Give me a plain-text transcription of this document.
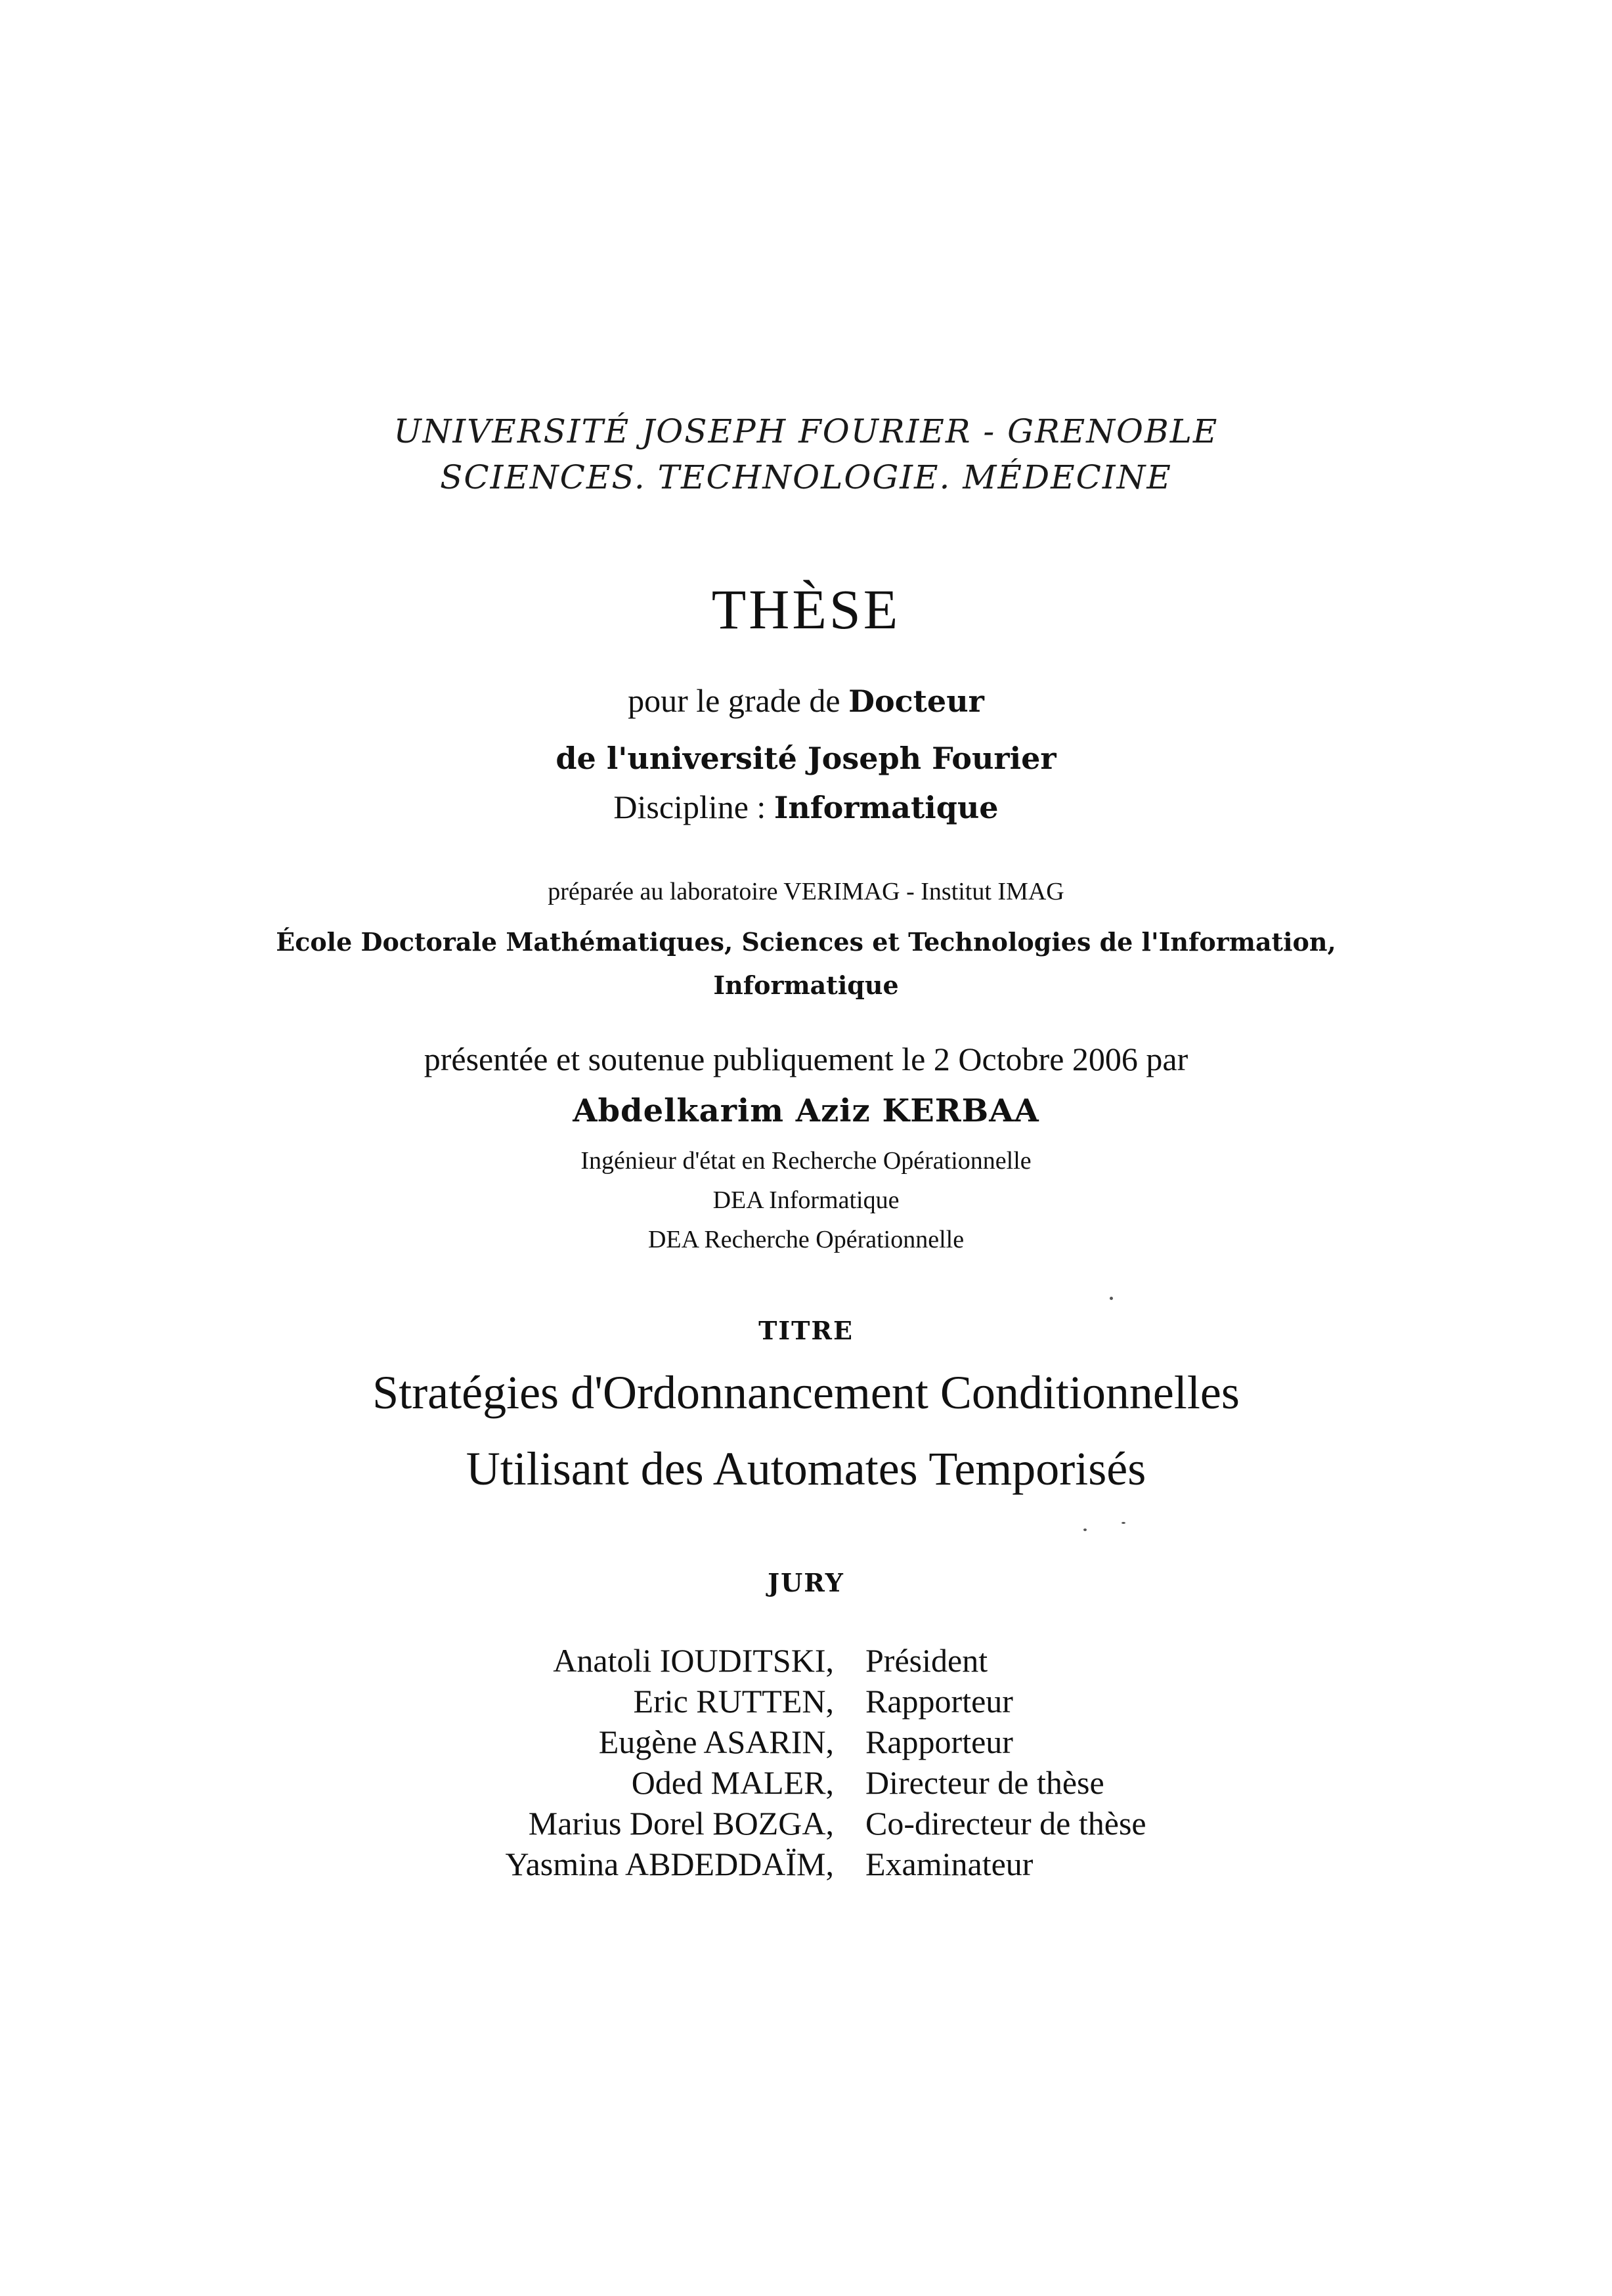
UNIVERSITÉ JOSEPH FOURIER - GRENOBLE
SCIENCES. TECHNOLOGIE. MÉDECINE
THÈSE
pour le grade de Docteur
de l'université Joseph Fourier
Discipline : Informatique
préparée au laboratoire VERIMAG - Institut IMAG
École Doctorale Mathématiques, Sciences et Technologies de l'Information,
Informatique
présentée et soutenue publiquement le 2 Octobre 2006 par
Abdelkarim Aziz KERBAA
Ingénieur d'état en Recherche Opérationnelle
DEA Informatique
DEA Recherche Opérationnelle
TITRE
Stratégies d'Ordonnancement Conditionnelles
Utilisant des Automates Temporisés
JURY
Anatoli IOUDITSKI, Président
Eric RUTTEN, Rapporteur
Eugène ASARIN, Rapporteur
Oded MALER, Directeur de thèse
Marius Dorel BOZGA, Co-directeur de thèse
Yasmina ABDEDDAÏM, Examinateur
